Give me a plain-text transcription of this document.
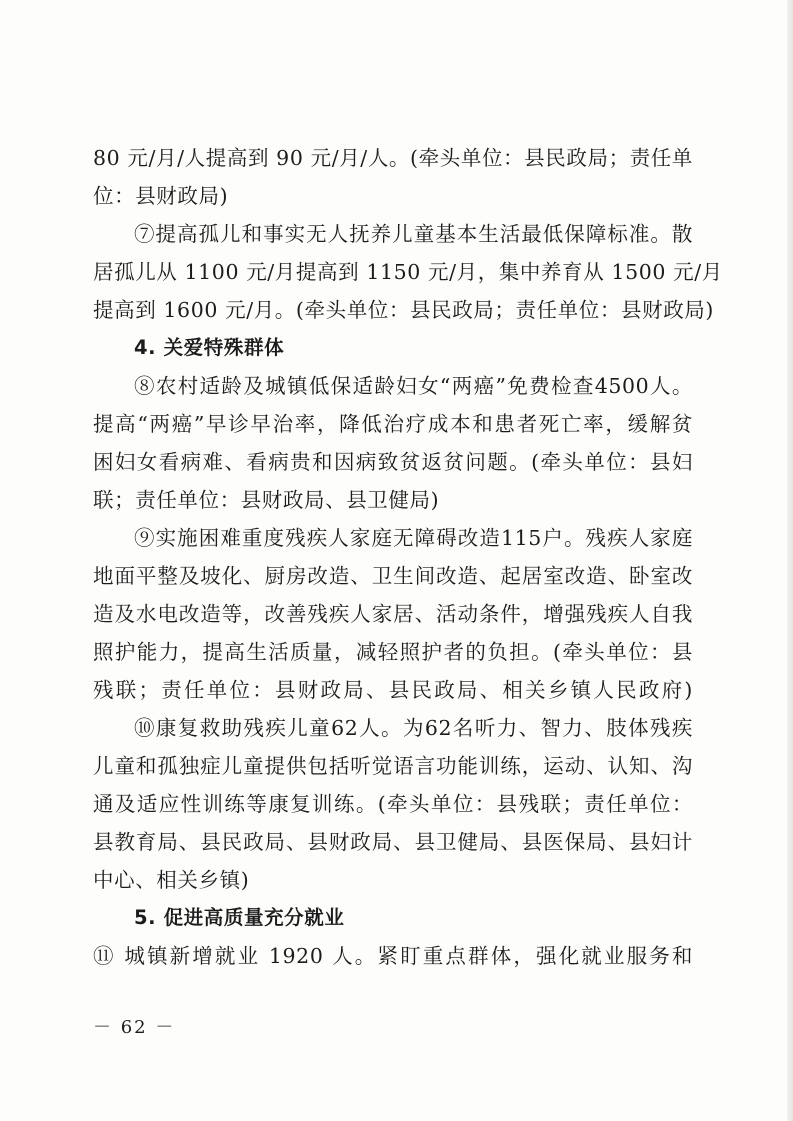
80 元/月/人提高到 90 元/月/人。(牵头单位：县民政局；责任单
位：县财政局)
⑦提高孤儿和事实无人抚养儿童基本生活最低保障标准。散
居孤儿从 1100 元/月提高到 1150 元/月，集中养育从 1500 元/月
提高到 1600 元/月。(牵头单位：县民政局；责任单位：县财政局)
4. 关爱特殊群体
⑧农村适龄及城镇低保适龄妇女“两癌”免费检查4500人。
提高“两癌”早诊早治率，降低治疗成本和患者死亡率，缓解贫
困妇女看病难、看病贵和因病致贫返贫问题。(牵头单位：县妇
联；责任单位：县财政局、县卫健局)
⑨实施困难重度残疾人家庭无障碍改造115户。残疾人家庭
地面平整及坡化、厨房改造、卫生间改造、起居室改造、卧室改
造及水电改造等，改善残疾人家居、活动条件，增强残疾人自我
照护能力，提高生活质量，减轻照护者的负担。(牵头单位：县
残联；责任单位：县财政局、县民政局、相关乡镇人民政府)
⑩康复救助残疾儿童62人。为62名听力、智力、肢体残疾
儿童和孤独症儿童提供包括听觉语言功能训练，运动、认知、沟
通及适应性训练等康复训练。(牵头单位：县残联；责任单位：
县教育局、县民政局、县财政局、县卫健局、县医保局、县妇计
中心、相关乡镇)
5. 促进高质量充分就业
⑪ 城镇新增就业 1920 人。紧盯重点群体，强化就业服务和
－ 62 －
